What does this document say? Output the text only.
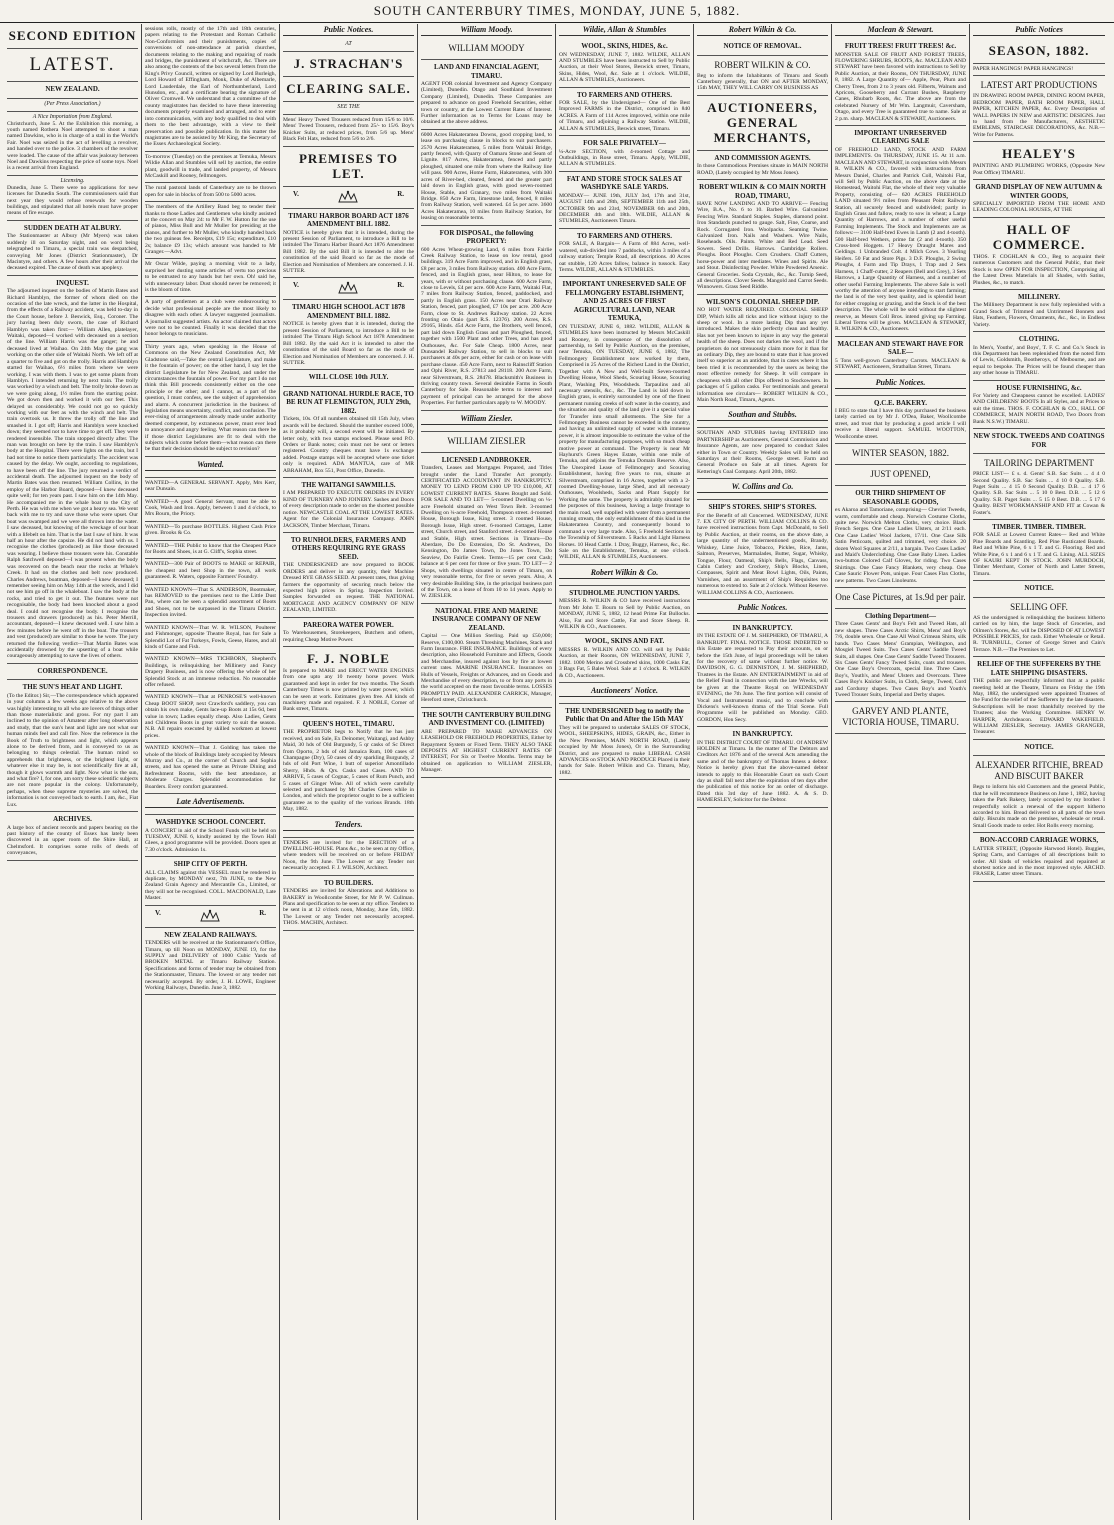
SOUTH CANTERBURY TIMES, MONDAY, JUNE 5, 1882.
SECOND EDITION
LATEST.
NEW ZEALAND.
(Per Press Association.)
A Nice Importation from England.
Christchurch, June 5. At the Exhibition this morning, a youth named Rothera Noel attempted to shoot a man named Dawkins, who is in charge of a stall in the World's Fair. Noel was seized in the act of levelling a revolver, and handed over to the police. 3 chambers of the revolver were loaded. The cause of the affair was jealousy between Noel and Dawkins respecting the price of some toys. Noel is a recent arrival from England.
Licensing.
Dunedin, June 5. There were no applications for new licenses for Dunedin South. The commissioners said that next year they would refuse renewals for wooden buildings, and stipulated that all hotels must have proper means of fire escape.
SUDDEN DEATH AT ALBURY.
The Stationmaster at Albury (Mr Myers) was taken suddenly ill on Saturday night, and on word being telegraphed to Timaru, a special train was despatched, conveying Mr Jones (District Stationmaster), Dr Macintyre, and others. A few hours after their arrival the deceased expired. The cause of death was apoplexy.
INQUEST.
The adjourned inquest on the bodies of Martin Bates and Richard Hamblyn, the former of whom died on the occasion of the late wreck, and the latter in the Hospital, from the effects of a Railway accident, was held to-day in the Court house, before J. Beswick, Esq., Coroner. The jury having been duly sworn, the case of Richard Hamblyn was taken first:— William Allen, platelayer, Waitaki, deposed—I worked with deceased on a section of the line. William Harris was the ganger; he and deceased lived at Waihao. On 24th May the gang was working on the other side of Waitaki North. We left off at a quarter to five and got on the trolly. Harris and Hamblyn started for Waihao, 6½ miles from where we were working. I was with them. I was to get some plants from Hamblyn. I intended returning by next train. The trolly was worked by a winch and belt. The trolly broke down as we were going along, 1½ miles from the starting point. We got down then and worked it with our feet. This delayed us considerably. We could not go so quickly working with our feet as with the winch and belt. The train overtook us. It threw the trolly off the line and smashed it. I got off; Harris and Hamblyn were knocked down; they seemed not to have time to get off. They were rendered insensible. The train stopped directly after. The man was brought on here by the train. I saw Hamblyn's body at the Hospital. There were lights on the train, but I had not time to notice them particularly. The accident was caused by the delay. We ought, according to regulations, to have been off the line. The jury returned a verdict of accidental death. The adjourned inquest on the body of Martin Bates was then resumed. William Collins, in the employ of the Harbor Board, deposed—I knew deceased quite well; for ten years past. I saw him on the 14th May. He accompanied me in the whale boat to the City of Perth. He was with me when we got a heavy sea. We went back with me to try and save those who were upset. Our boat was swamped and we were all thrown into the water. I saw deceased, but knowing of the wreckage of our boat with a lifebelt on him. That is the last I saw of him. It was half an hour after the capsize. He did not land with us. I recognise the clothes (produced) as like those deceased was wearing. I believe those trousers were his. Constable Ralph Satchwell deposed—I was present when the body was recovered on the beach near the rocks at Whale's Creek. It had on the clothes and belt now produced. Charles Andrews, boatman, deposed—I knew deceased; I remember seeing him on May 14th at the wreck, and I did not see him go off in the whaleboat. I saw the body at the rocks, and tried to get it out. The features were not recognisable, the body had been knocked about a good deal. I could not recognise the body. I recognise the trousers and drawers (produced) as his. Peter Merrill, accountant, deposed—I knew deceased well. I saw him a few minutes before he went off in the boat. The trousers and vest (produced) are similar to those he wore. The jury returned the following verdict—That Martin Bates was accidentally drowned by the upsetting of a boat while courageously attempting to save the lives of others.
CORRESPONDENCE.
THE SUN'S HEAT AND LIGHT.
(To the Editor.) Sir,—The correspondence which appeared in your columns a few weeks ago relative to the above was highly interesting to all who are lovers of things other than those materialistic and gross. For my part I am inclined to the opinion of Amateur after long observation and study, that the sun's heat and light are not what our human minds feel and call fire. Now the reference in the Book of Truth to brightness and light, which appears alone to be derived from, and is conveyed to us as belonging to things celestial. The human mind so apprehends that brightness, or the brightest light, or whatever else it may be, is not scientifically fire at all, though it glows warmth and light. Now what is the sun, and what fire? I, for one, am sorry these scientific subjects are not more popular in the colony. Unfortunately, perhaps, when these supreme mysteries are solved, the information is not conveyed back to earth. I am, &c., Fiat Lux.
ARCHIVES.
A large box of ancient records and papers bearing on the past history of the county of Essex has lately been discovered in an upper room of the Shire Hall, at Chelmsford. It comprises some rolls of deeds of conveyances,
sessions rolls, mostly of the 17th and 18th centuries, papers relating to the Protestant and Roman Catholic Non-Conformists and their punishments, copies of conversions of non-attendance at parish churches, documents relating to the making and repairing of roads and bridges, the punishment of witchcraft, &c. There are also among the contents of the box several letters from the King's Privy Council, written or signed by Lord Burleigh, Lord Howard of Effingham, Monk, Duke of Albemarle, Lord Lauderdale, the Earl of Northumberland, Lord Hunsdon, etc., and a certificate bearing the signature of Oliver Cromwell. We understand that a committee of the county magistrates has decided to have these interesting documents properly examined and arranged, and to enter into communication, with any body qualified to deal with them to the best advantage, with a view to their preservation and possible publication. In this matter the magistrates are to be assisted by Mr King, the Secretary of the Essex Archaeological Society.
To-morrow (Tuesday) on the premises at Temuka, Messrs Wildie Allan and Stumbles will sell by auction, the entire plant, goodwill in trade, and landed property, of Messrs McCaskill and Rooney, fellmongers.
The rural pastoral lands of Canterbury are to be thrown open for sale in blocks of from 500 to 5000 acres.
The members of the Artillery Band beg to tender their thanks to those Ladies and Gentlemen who kindly assisted at the concert on May 24: to Mr F. W. Hutton for the use of pianos, Miss Bull and Mr Muller for presiding at the pianos, and further to Mr Muller, who kindly handed back the two guineas fee. Receipts, £19 15s; expenditure, £10 2s; balance £9 13s; which amount was handed to Mr Granger.—Advt.
Mr Oscar Wilde, paying a morning visit to a lady, surprised her dusting some articles of vertu too precious to be entrusted to any hands but her own. Oh! said he, with unnecessary labor. Dust should never be removed; it is the bloom of time.
A party of gentlemen at a club were endeavouring to decide what professional people are the most likely to disagree with each other. A lawyer suggested journalists. A journalist suggested artists. An actor claimed that actors were not to be counted. Finally it was decided that the honor belongs to musicians.
Thirty years ago, when speaking in the House of Commons on the New Zealand Constitution Act, Mr Gladstone said,—Take the central Legislature, and make it the fountain of power; on the other hand, I say let the district Legislature be for New Zealand, and under the circumstances the fountain of power. For my part I do not think this Bill proceeds consistently either on the one principle or the other; and I cannot, as a part of the question, I must confess, see the subject of apprehension and alarm. A concurrent jurisdiction in the business of legislation means uncertainty, conflict, and confusion. The ever-rising of arrangements already made under authority deemed competent, by extraneous power, must ever lead to annoyance and angry feeling. What reason can there be if those district Legislatures are fit to deal with the subjects which come before them—what reason can there be that their decision should be subject to revision?
Wanted.
WANTED—A GENERAL SERVANT. Apply, Mrs Kerr, near Dunsain.
WANTED—A good General Servant, must be able to Cook, Wash and Iron. Apply, between 1 and 4 o'clock, to Mrs Bourn, the Priory.
WANTED—To purchase BOTTLES. Highest Cash Price given. Brooks & Co.
WANTED—THE Public to know that the Cheapest Place for Boots and Shoes, is at G. Cliff's, Sophia street.
WANTED—300 Pair of BOOTS to MAKE or REPAIR, the cheapest and best Shop in the town, all work guaranteed. R. Waters, opposite Farmers' Foundry.
WANTED KNOWN—That S. ANDERSON, Bootmaker, has REMOVED to the premises next to the Little Dust Pan, where can be seen a splendid assortment of Boots and Shoes, not to be surpassed in the Timaru District. Inspection invited.
WANTED KNOWN—That W. R. WILSON, Poulterer and Fishmonger, opposite Theatre Royal, has for Sale a Splendid Lot of Fat Turkeys, Fowls, Geese, Hares, and all kinds of Game and Fish.
WANTED KNOWN—MRS TICHBORN, Shepherd's Buildings, is relinquishing her Millinery and Fancy Drapery Business, and is now offering the whole of her Splendid Stock at an immense reduction. No reasonable offer refused.
WANTED KNOWN—That at PENROSE'S well-known Cheap BOOT SHOP, next Crawford's saddlery, you can obtain his own make, Gents lace-up Boots at 15s 6d, best value in town; Ladies equally cheap. Also Ladies, Gents and Childrens Boots in great variety to suit the season. N.B. All repairs executed by skilled workmen at lowest prices.
WANTED KNOWN—That J. Golding has taken the whole of the block of Buildings lately occupied by Messrs Murray and Co., at the corner of Church and Sophia streets, and has opened the same as Private Dining and Refreshment Rooms, with the best attendance, at Moderate Charges. Splendid accommodation for Boarders. Every comfort guaranteed.
Late Advertisements.
WASHDYKE SCHOOL CONCERT.
A CONCERT in aid of the School Funds will be held on TUESDAY, JUNE 6, kindly assisted by the Town Hall Glees, a good programme will be provided. Doors open at 7.30 o'clock. Admission 1s.
SHIP CITY OF PERTH.
ALL CLAIMS against this VESSEL must be rendered in duplicate, by MONDAY next, 7th JUNE, to the New Zealand Grain Agency and Mercantile Co., Limited, or they will not be recognised. COLL. MACDONALD, Late Master.
V.	R.
NEW ZEALAND RAILWAYS.
TENDERS will be received at the Stationmaster's Office, Timaru, up till Noon on MONDAY, JUNE 19, for the SUPPLY and DELIVERY of 1000 Cubic Yards of BROKEN METAL at Timaru Railway Station. Specifications and forms of tender may be obtained from the Stationmaster, Timaru. The lowest or any tender not necessarily accepted. By order, J. H. LOWE, Engineer Working Railways, Dunedin. June 3, 1882.
Public Notices.
AT
J. STRACHAN'S
CLEARING SALE.
SEE THE
Mens' Heavy Tweed Trousers reduced from 15/6 to 10/6. Mens' Tweed Trousers, reduced from 25/- to 15/6. Boy's Knicker Suits, at reduced prices, from 5/6 up. Mens' Black Felt Hats, reduced from 5/6 to 2/6.
PREMISES TO LET.
V.	R.
TIMARU HARBOR BOARD ACT 1876 AMENDMENT BILL 1882.
NOTICE is hereby given that it is intended, during the present Session of Parliament, to introduce a Bill to be intituled The Timaru Harbor Board Act 1876 Amendment Bill 1882. By the said Bill it is intended to alter the constitution of the said Board so far as the mode of Election and Nomination of Members are concerned. J. H. SUTTER.
V.	R.
TIMARU HIGH SCHOOL ACT 1878 AMENDMENT BILL 1882.
NOTICE is hereby given that it is intended, during the present Session of Parliament, to introduce a Bill to be intituled The Timaru High School Act 1878 Amendment Bill 1882. By the said Act it is intended to alter the constitution of the said Board so far as the mode of Election and Nomination of Members are concerned. J. H. SUTTER.
WILL CLOSE 10th JULY.
GRAND NATIONAL HURDLE RACE, TO BE RUN AT FLEMINGTON, JULY 29th, 1882.
Tickets, 10s. Of all numbers obtained till 15th July, when awards will be declared. Should the number exceed 1000, as it probably will, a second event will be initiated. By letter only, with two stamps enclosed. Please send P.O. Orders or Bank notes; coin must not be sent or letters registered. Country cheques must have 1s exchange added. Postage stamps will be accepted where one ticket only is required. ADA MANTUA, care of MR ABRAHAM, Box 551, Post Office, Dunedin.
THE WAITANGI SAWMILLS.
I AM PREPARED TO EXECUTE ORDERS IN EVERY KIND OF TURNERY AND JOINERY. Sashes and Doors of every description made to order on the shortest possible notice. NEWCASTLE COAL AT THE LOWEST RATES. Agent for the Colonial Insurance Company. JOHN JACKSON, Timber Merchant, Timaru.
TO RUNHOLDERS, FARMERS AND OTHERS REQUIRING RYE GRASS SEED.
THE UNDERSIGNED are now prepared to BOOK ORDERS and deliver in any quantity, their Machine Dressed RYE GRASS SEED. At present rates, thus giving farmers the opportunity of securing much below the expected high prices in Spring. Inspection Invited. Samples forwarded on request. THE NATIONAL MORTGAGE AND AGENCY COMPANY OF NEW ZEALAND, LIMITED.
PAREORA WATER POWER.
To Warehousemen, Storekeepers, Butchers and others, requiring Cheap Motive Power.
F. J. NOBLE
Is prepared to MAKE and ERECT WATER ENGINES from one upto any 10 twenty horse power. Work guaranteed and kept in order for two months. The South Canterbury Times is now printed by water power, which can be seen at work. Estimates given free. All kinds of machinery made and repaired. F. J. NOBLE, Corner of Bank street, Timaru.
QUEEN'S HOTEL, TIMARU.
THE PROPRIETOR begs to Notify that he has just received, and on Sale, Ex Deinomer, Waitangi, and Ashby Maid, 30 hds of Old Burgundy, 5 qr casks of Sc Direct from Oporto, 2 hds of old Jamaica Rum, 100 cases of Champagne (Dry), 50 cases of dry sparkling Burgundy, 2 hds of old Port Wine, 1 butt of superior Amontillado Sherry, Hhds. & Qrs. Casks and Cases. AND TO ARRIVE, 5 cases of Cognac, 5 cases of Rum Punch, and 5 cases of Ginger Wine. All of which were carefully selected and purchased by Mr Charles Green while in London, and which the proprietor ought to be a sufficient guarantee as to the quality of the various Brands. 18th May, 1882.
Tenders.
TENDERS are invited for the ERECTION of a DWELLING-HOUSE. Plans &c., to be seen at my Office, where tenders will be received on or before FRIDAY Noon, the 9th June. The Lowest or any Tender not necessarily accepted. F. J. WILSON, Architect.
TO BUILDERS.
TENDERS are invited for Alterations and Additions to BAKERY in Woollcombe Street, for Mr P. W. Cullman. Plans and specification to be seen at my office. Tenders to be sent in at 12 o'clock noon, Monday, June 5th, 1882. The Lowest or any Tender not necessarily accepted. THOS. MACHIN, Architect.
William Moody.
WILLIAM MOODY
LAND AND FINANCIAL AGENT, TIMARU.
AGENT FOR colonial Investment and Agency Company (Limited), Dunedin. Otago and Southland Investment Company (Limited), Dunedin. These Companies are prepared to advance on good Freehold Securities, either town or country, at the Lowest Current Rates of Interest. Further information as to Terms for Loans may be obtained at the above address.
6000 Acres Hakateramea Downs, good cropping land, to lease on purchasing clause in blocks to suit purchasers. 2570 Acres Hakateramea, 5 miles from Waitaki Bridge, partly fenced, with Quarry of Oamaru Stone and Seam of Lignite. 817 Acres, Hakateramea, fenced and partly ploughed, situated one mile from where the Railway line will pass. 900 Acres, Home Farm, Hakateramea, with 300 acres of River-bed, cleared, fenced and the greater part laid down in English grass, with good seven-roomed House, Stable, and Granary, two miles from Waitaki Bridge. 850 Acre Farm, limestone land, fenced, 8 miles from Railway Station, well watered. £4 5s per acre. 3600 Acres Hakateramea, 10 miles from Railway Station, for leasing on reasonable terms.
FOR DISPOSAL, the following PROPERTY:
600 Acres Wheat-growing Land, 6 miles from Fairlie Creek Railway Station, to lease on low rental, good buildings. 319 Acre Farm improved, and in English grass, £8 per acre, 3 miles from Railway station. 400 Acre Farm, fenced, and in English grass, near Hilton, to lease for years, with or without purchasing clause. 600 Acre Farm, close to Levels, £4 per acre. 600 Acre Farm, Waitaki Flat, 7 miles from Railway Station, fenced, paddocked, and partly in English grass. 150 Acres near Orari Railway Station, fenced, part ploughed, £7 10s per acre. 200 Acre Farm, close to St. Andrews Railway station. 22 Acres fronting on Otaio (part R.S. 12376). 200 Acres, R.S. 29165, Hinds. 454 Acre Farm, the Brothers, well fenced, part laid down English Grass and part Ploughed, fenced, together with 1500 Plant and other Trees, and has good Outhouses, &c. For Sale Cheap. 1800 Acres, near Dunsandel Railway Station, to sell in blocks to suit purchasers at 40s per acre, either for cash or on lease with purchase clause. 450 Acre Farm, next to Rainscliff Station and Ophi River, R.S. 27813 and 28118. 200 Acre Farm, near Silverstream, R.S. 28478. Blacksmith's Business in thriving country town. Several desirable Farms in South Canterbury for Sale. Reasonable terms to interest and payment of principal can be arranged for the above Properties. For further particulars apply to W. MOODY.
William Ziesler.
WILLIAM ZIESLER
LICENSED LANDBROKER.
Transfers, Leases and Mortgages Prepared, and Titles brought under the Land Transfer Act promptly. CERTIFICATED ACCOUNTANT IN BANKRUPTCY. MONEY TO LEND FROM £100 UP TO £10,000, AT LOWEST CURRENT RATES. Shares Bought and Sold. FOR SALE AND TO LET— 5-roomed Dwelling on ¼-acre Freehold situated on West Town Belt. 3-roomed Dwelling on ¼-acre Freehold, Thompson street. 4-roomed House, Borough Issue, King street. 3 roomed House, Borough Issue, High street. 6-roomed Cottages, Latter street, Church street, and Stanford street. 4-roomed House and Stable, High street. Sections in Timaru—Do Aberdare, Do Do Extension, Do St. Andrews, Do Kensington, Do James Town, Do Jones Town, Do Seaview, Do Fairlie Creek. Terms—15 per cent Cash; balance at 6 per cent for three or five years. TO LET— 2 Shops, with dwellings situated in centre of Timaru, on very reasonable terms, for five or seven years. Also, A very desirable Building Site, in the principal business part of the Town, on a lease of from 10 to 14 years. Apply to W. ZIESLER.
NATIONAL FIRE AND MARINE INSURANCE COMPANY OF NEW ZEALAND.
Capital — One Million Sterling. Paid up £50,000; Reserve, £100,000. Steam Threshing Machines, Stack and Farm Insurance. FIRE INSURANCE. Buildings of every description, also Household Furniture and Effects, Goods and Merchandise, insured against loss by fire at lowest current rates. MARINE INSURANCE. Insurances on Hulls of Vessels, Freights or Advances, and on Goods and Merchandise of every description, to or from any ports in the world accepted on the most favorable terms. LOSSES PROMPTLY PAID. ALEXANDER CARRICK, Manager, Hereford street, Christchurch.
THE SOUTH CANTERBURY BUILDING AND INVESTMENT CO. (LIMITED)
ARE PREPARED TO MAKE ADVANCES ON LEASEHOLD OR FREEHOLD PROPERTIES, Either by Repayment System or Fixed Term. THEY ALSO TAKE DEPOSITS AT HIGHEST CURRENT RATES OF INTEREST, For Six or Twelve Months. Terms may be obtained on application to WILLIAM ZIESLER, Manager.
Wildie, Allan & Stumbles
WOOL, SKINS, HIDES, &c.
ON WEDNESDAY, JUNE 7, 1882. WILDIE, ALLAN AND STUMBLES have been instructed to Sell by Public Auction, at their Wool Stores, Beswick street, Timaru, Skins, Hides, Wool, &c. Sale at 1 o'clock. WILDIE, ALLAN & STUMBLES, Auctioneers.
TO FARMERS AND OTHERS.
FOR SALE, by the Undersigned— One of the Best Improved FARMS in the District, comprised in 840 ACRES. A Farm of 114 Acres improved, within one mile of Timaru, and adjoining a Railway Station. WILDIE, ALLAN & STUMBLES, Beswick street, Timaru.
FOR SALE PRIVATELY—
¼-Acre SECTION, with 4-roomed Cottage and Outbuildings, in Rose street, Timaru. Apply, WILDIE, ALLAN & STUMBLES.
FAT AND STORE STOCK SALES AT WASHDYKE SALE YARDS.
MONDAY— JUNE 19th, JULY 3rd, 17th and 31st, AUGUST 14th and 28th, SEPTEMBER 11th and 25th, OCTOBER 9th and 23rd, NOVEMBER 6th and 20th, DECEMBER 4th and 18th. WILDIE, ALLAN & STUMBLES, Auctioneers Timaru.
TO FARMERS AND OTHERS.
FOR SALE, A Bargain— A Farm of 884 Acres, well-watered, sub-divided into 7 paddocks, within 3 miles of a railway station; Temple Road, all descriptions. 40 Acres oat stubble, 120 Acres fallow, balance in tussock. Easy Terms. WILDIE, ALLAN & STUMBLES.
IMPORTANT UNRESERVED SALE OF FELLMONGERY ESTABLISHMENT, AND 25 ACRES OF FIRST AGRICULTURAL LAND, NEAR TEMUKA,
ON TUESDAY, JUNE 6, 1882. WILDIE, ALLAN & STUMBLES have been instructed by Messrs McCaskill and Rooney, in consequence of the dissolution of partnership, to Sell by Public Auction, on the premises, near Temuka, ON TUESDAY, JUNE 6, 1882, The Fellmongery Establishment now worked by them, Comprised in 25 Acres of the Richest Land in the District, Together with A New and Well-built Seven-roomed Dwelling House, Wool Sheds, Scouring House, Scouring Plant, Washing Pits, Woodsheds. Tarpaulins and all necessary utensils, &c., &c. The Land is laid down in English grass, is entirely surrounded by one of the finest permanent running creeks of soft water in the country, and the situation and quality of the land give it a special value for Transfer into small allotments. The Site for a Fellmongery Business cannot be exceeded in the country, and having an unlimited supply of water with immense power, it is almost impossible to estimate the value of the property for manufacturing purposes, with so much cheap motive power at command. The Property is near Mr Hayhurst's Green Hayes Estate, within one mile of Temuka, and adjoins the Temuka Domain Reserve. Also, The Unexpired Lease of Fellmongery and Scouring Establishment, having five years to run, situate at Silverstream, comprised in 16 Acres, together with a 2-roomed Dwelling-house, large Shed, and all necessary Outhouses, Woolsheds, Sacks and Plant Supply for Working the same. The property is admirably situated for the purposes of this business, having a large frontage to the main road, well supplied with water from a permanent running stream, the only establishment of this kind in the Hakateramea Country, and consequently bound to command a very large trade. Also, 5 Freehold Sections in the Township of Silverstream. 5 Racks and Light Harness Horses. 10 Head Cattle. 1 Dray, Buggy, Harness, &c., &c. Sale on the Establishment, Temuka, at one o'clock. WILDIE, ALLAN & STUMBLES, Auctioneers.
Robert Wilkin & Co.
STUDHOLME JUNCTION YARDS.
MESSRS R. WILKIN & CO have received instructions from Mr John T. Bourn to Sell by Public Auction, on MONDAY, JUNE 5, 1882, 12 head Prime Fat Bullocks. Also, Fat and Store Cattle, Fat and Store Sheep. R. WILKIN & CO., Auctioneers.
WOOL, SKINS AND FAT.
MESSRS R. WILKIN AND CO. will sell by Public Auction, at their Rooms, ON WEDNESDAY, JUNE 7, 1882. 1000 Merino and Crossbred skins, 1000 Casks Fat, 3 Bags Fat, 5 Bales Wool. Sale at 1 o'clock. R. WILKIN & CO., Auctioneers.
Auctioneers' Notice.
THE UNDERSIGNED beg to notify the Public that On and After the 15th MAY
They will be prepared to undertake SALES OF STOCK, WOOL, SHEEPSKINS, HIDES, GRAIN, &c., Either in the New Premises, MAIN NORTH ROAD, (Lately occupied by Mr Moss Jones), Or in the Surrounding District, and are prepared to make LIBERAL CASH ADVANCES on STOCK AND PRODUCE Placed in their hands for Sale. Robert Wilkin and Co. Timaru, May, 1882.
Robert Wilkin & Co.
NOTICE OF REMOVAL.
ROBERT WILKIN & CO.
Beg to inform the Inhabitants of Timaru and South Canterbury generally, that ON and AFTER MONDAY, 15th MAY, THEY WILL CARRY ON BUSINESS AS
AUCTIONEERS, GENERAL MERCHANTS,
AND COMMISSION AGENTS.
In those Commodious Premises situate in MAIN NORTH ROAD, (Lately occupied by Mr Moss Jones).
ROBERT WILKIN & CO MAIN NORTH ROAD, TIMARU,
HAVE NOW LANDING AND TO ARRIVE— Fencing Wire, B.A., No. 6 to 10. Barbed Wire. Galvanized Fencing Wire. Standard Staples. Staples, diamond point. Iron Standards punched to gauge. Salt, Fine, Coarse, and Rock. Corrugated Iron. Woolpacks. Seaming Twine. Galvanized Iron. Nails and Washers. Wire Nails, Roseheads. Oils. Paints. White and Red Lead. Seed Sowers. Seed Drills. Harrows. Cambridge Rollers. Ploughs. Boot Ploughs. Corn Crushers. Chaff Cutters, horse-power and inter mediates. Wines and Spirits. Ale and Stout. Disinfecting Powder. White Powdered Arsenic. General Groceries. Soda Crystals, &c., &c. Turnip Seed, all descriptions. Clover Seeds. Mangold and Carrot Seeds. Winnowers. Grass Seed Riddle.
WILSON'S COLONIAL SHEEP DIP.
NO HOT WATER REQUIRED. COLONIAL SHEEP DIP, Which kills all ticks and lice without injury to the sheep or wool. In a more lasting Dip than any yet introduced. Makes the skin perfectly clean and healthy. Has not yet been known to injure in any way the general health of the sheep. Does not darken the wool, and if the proprietors do not strenuously claim more for it than for an ordinary Dip, they are bound to state that it has proved itself so superior as an antidote, that in cases where it has been tried it is recommended by the users as being the most effective remedy for Sheep. It will compare in cheapness with all other Dips offered to Stockowners. In packages of 5 gallon casks. For testimonials and general information see circulars— ROBERT WILKIN & CO., Main North Road, Timaru, Agents.
Southan and Stubbs.
SOUTHAN AND STUBBS having ENTERED into PARTNERSHIP as Auctioneers, General Commission and Insurance Agents, are now prepared to conduct Sales either in Town or Country. Weekly Sales will be held on Saturdays at their Rooms, George street. Farm and General Produce on Sale at all times. Agents for Kettering's Coal Company. April 20th, 1882.
W. Collins and Co.
SHIP'S STORES. SHIP'S STORES.
For the Benefit of all Concerned. WEDNESDAY, JUNE 7. EX CITY OF PERTH. WILLIAM COLLINS & CO. have received instructions from Capt. McDonald, to Sell by Public Auction, at their rooms, on the above date, a large quantity of the undermentioned goods, Brandy, Whiskey, Lime Juice, Tobacco, Pickles, Rice, Jams, Salmon, Preserves, Marmalades, Butter, Sugar, Whisky, Tongue, Flour, Oatmeal, Ship's Bells, Flags, Canvass, Cabin Cutlery and Crockery, Ship's Blocks, Linen, Compasses, Spirit and Meat Bowl Lights, Oils, Paints, Varnishes, and an assortment of Ship's Requisites too numerous to extend to. Sale at 2 o'clock. Without Reserve. WILLIAM COLLINS & CO., Auctioneers.
Public Notices.
IN BANKRUPTCY.
IN THE ESTATE OF J. M. SHEPHERD, OF TIMARU, A BANKRUPT. FINAL NOTICE. THOSE INDEBTED to this Estate are requested to Pay their accounts, on or before the 15th June, of legal proceedings will be taken for the recovery of same without further notice. W. DAVIDSON, G. G. DENNISTON, J. M. SHEPHERD, Trustees in the Estate. AN ENTERTAINMENT in aid of the Relief Fund in connection with the late Wrecks, will be given at the Theatre Royal on WEDNESDAY EVENING, the 7th June. The first portion will consist of Vocal and Instrumental music, and to conclude with Dickens's well-known drama of the Trial Scene. Full Programme will be published on Monday. GEO. GORDON, Hon Secy.
IN BANKRUPTCY.
IN THE DISTRICT COURT OF TIMARU. Of ANDREW HOLDEN at Timaru. In the matter of The Debtors and Creditors Act 1876 and of the several Acts amending the same and of the bankruptcy of Thomas Inness a debtor. Notice is hereby given that the above-named debtor intends to apply to this Honorable Court on such Court day as shall fall next after the expiration of ten days after the publication of this notice for an order of discharge. Dated this 3rd day of June 1882. A. & S. D. HAMERSLEY, Solicitor for the Debtor.
Maclean & Stewart.
FRUIT TREES! FRUIT TREES! &c.
MONSTER SALE OF FRUIT AND FOREST TREES, FLOWERING SHRUBS, ROOTS, &c. MACLEAN AND STEWART have been favored with instructions to Sell by Public Auction, at their Rooms, ON THURSDAY, JUNE 8, 1882. A Large Quantity of— Apple, Pear, Plum and Cherry Trees, from 2 to 3 years old. Filberts, Walnuts and Apricots, Gooseberry and Currant Bushes, Raspberry Canes, Rhubarb Roots, &c. The above are from the celebrated Nursery of Mr Wm. Langmuir, Caversham, Otago, and every Tree is guaranteed true to name. Sale at 2 p.m. sharp. MACLEAN & STEWART, Auctioneers.
IMPORTANT UNRESERVED CLEARING SALE
OF FREEHOLD LAND, STOCK AND FARM IMPLEMENTS. On THURSDAY, JUNE 15. At 11 a.m. MACLEAN AND STEWART, in conjunction with Messrs R. WILKIN & CO., favored with instructions from Messrs Daniel, Charles and Patrick Coll, Waitohi Flat, will Sell by Public Auction, on the above date at the Homestead, Waitohi Flat, the whole of their very valuable Property, consisting of— 620 ACRES FREEHOLD LAND situated 9½ miles from Pleasant Point Railway Station, all securely fenced and subdivided; partly in English Grass and fallow, ready to sow in wheat; a Large Quantity of Harrows, and a number of other useful Farming Implements. The Stock and Implements are as follows:— 3100 Half-bred Ewes in Lamb (2 and 4-tooth). 500 Half-bred Wethers, prime fat (2 and 4-tooth). 350 Cross-bred Hoggets. 17 Heavy Draught Mares and Geldings. 1 Unbranded Colt. 4 Milch Cows. 3 Yearling Heifers. 50 Fat and Store Pigs. 3 D.F. Ploughs, 2 Swing Ploughs, 4 Farm and Tip Drays, 1 Trap and 2 Sets Harness, 1 Chaff-cutter, 2 Reapers (Bell and Grey), 3 Sets Harrows, a Large Quantity of Harness, and a number of other useful Farming Implements. The above Sale is well worthy the attention of anyone intending to start farming; the land is of the very best quality, and is splendid heart for either cropping or grazing, and the Stock is of the best description. The whole will be sold without the slightest reserve, as Messrs Coll Bros. intend giving up Farming. Liberal Terms will be given. MACLEAN & STEWART, R. WILKIN & CO., Auctioneers.
MACLEAN AND STEWART HAVE FOR SALE—
5 Tons well-grown Canterbury Carrots. MACLEAN & STEWART, Auctioneers, Strathallan Street, Timaru.
Public Notices.
Q.C.E. BAKERY.
I BEG to state that I have this day purchased the business lately carried on by Mr J. O'Dea, Baker, Woollcombe street, and trust that by producing a good article I will receive a liberal support. SAMUEL WOOTTON, Woollcombe street.
WINTER SEASON, 1882.
JUST OPENED,
OUR THIRD SHIPMENT OF SEASONABLE GOODS,
ex Akaroa and Tamoriane, comprising— Cheviot Tweeds, warm, comfortable and cheap. Norwich Costume Cloths, quite new. Norwich Melton Cloths, very choice. Black French Serges. One Case Ladies Ulsters, at 2/11 each. One Case Ladies' Wool Jackets, 17/11. One Case Silk Satin Petticoats, quilted and trimmed, very choice. 20 dozen Wool Squares at 2/11, a bargain. Two Cases Ladies' and Maid's Underclothing. One Case Baby Linen. Ladies two-button Colored Calf Gloves, for riding. Two Cases Shirtings. One Case Fancy Blankets, very cheap. One Case Sauric Flower Pots, unique. Four Cases Flax Cloths, new patterns. Two Cases Linoleums.
One Case Pictures, at 1s.9d per pair.
Clothing Department—
Three Cases Gents' and Boy's Felt and Tweed Hats, all new shapes. Three Cases Arctic Shirts, Mens' and Boy's 7/6, double sewn. One Case All Wool Crimean Shirts, silk bands. Two Cases Mens' Grampian, Wellington, and Mosgiel Tweed Suits. Two Cases Gents' Saddle Tweed Suits, all shapes. One Case Gents' Saddle Tweed Trousers. Six Cases Gents' Fancy Tweed Suits, coats and trousers. One Case Boy's Overcoats, special line. Three Cases Boy's, Youth's, and Mens' Ulsters and Overcoats. Three Cases Boy's Knicker Suits, in Cloth, Serge, Tweed, Cord and Corduroy shapes. Two Cases Boy's and Youth's Tweed Trouser Suits, Imperial and Derby shapes.
GARVEY AND PLANTE, VICTORIA HOUSE, TIMARU.
Public Notices
SEASON, 1882.
PAPER HANGINGS! PAPER HANGINGS!
LATEST ART PRODUCTIONS
IN DRAWING ROOM PAPER, DINING ROOM PAPER, BEDROOM PAPER, BATH ROOM PAPER, HALL PAPER, KITCHEN PAPER, &c. Every Description of WALL PAPERS IN NEW and ARTISTIC DESIGNS. Just to hand from the Manufacturers, AESTHETIC EMBLEMS, STAIRCASE DECORATIONS, &c. N.B.—Write for Patterns.
HEALEY'S
PAINTING AND PLUMBING WORKS, (Opposite New Post Office) TIMARU.
GRAND DISPLAY OF NEW AUTUMN & WINTER GOODS,
SPECIALLY IMPORTED FROM THE HOME AND LEADING COLONIAL HOUSES, AT THE
HALL OF COMMERCE.
THOS. F. COGHLAN & CO., Beg to acquaint their numerous Customers and the General Public, that their Stock is now OPEN FOR INSPECTION, Comprising all the Latest Dress Materials in all Shades, with Satins, Plushes, &c., to match.
MILLINERY.
The Millinery Department is now fully replenished with a Grand Stock of Trimmed and Untrimmed Bonnets and Hats, Feathers, Flowers, Ornaments, &c., &c., in Endless Variety.
CLOTHING.
In Men's, Youths', and Boys', T. F. C. and Co.'s Stock in this Department has been replenished from the noted firm of Lewis, Goldsmith, Bootheroys, of Melbourne, and are equal to bespoke. The Prices will be found cheaper than any other house in TIMARU.
HOUSE FURNISHING, &c.
For Variety and Cheapness cannot be excelled. LADIES' AND CHILDRENS' BOOTS In all Styles, and at Prices to suit the times. THOS. F. COGHLAN & CO., HALL OF COMMERCE, MAIN NORTH ROAD, Two Doors from Bank N.S.W.) TIMARU.
NEW STOCK. TWEEDS AND COATINGS FOR
TAILORING DEPARTMENT
PRICE LIST— £ s. d. Gents' S.B. Sac Suits ... 4 4 0 Second Quality. S.B. Sac Suits ... 4 10 0 Quality. S.B. Paget Suits ... 4 15 0 Second Quality. D.B. ... 4 17 6 Quality. S.B. Sac Suits ... 5 10 0 Best. D.B. ... 5 12 6 Quality. S.B. Paget Suits ... 5 15 0 Best. D.B. ... 5 17 6 Quality. BEST WORKMANSHIP AND FIT at Cowan & Foster's.
TIMBER. TIMBER. TIMBER.
FOR SALE at Lowest Current Rates— Red and White Pine Boards and Scantling. Red Pine Rusticated Boards. Red and White Pine, 6 x 1 T. and G. Flooring. Red and White Pine, 6 x 1 and 6 x 1 T. and G. Lining. ALL SIZES OF KAURI KEPT IN STOCK. JOHN MURDOCH, Timber Merchant, Corner of North and Latter Streets, Timaru.
NOTICE.
SELLING OFF.
AS the undersigned is relinquishing the business hitherto carried on by him, the large Stock of Groceries, and Oilmen's Stores, &c. will be DISPOSED OF AT LOWEST POSSIBLE PRICES, for cash. Either Wholesale or Retail. R. TURNBULL, Corner of George Street and Cain's Terrace. N.B.—The Premises to Let.
RELIEF OF THE SUFFERERS BY THE LATE SHIPPING DISASTERS.
THE public are respectfully informed that at a public meeting held at the Theatre, Timaru on Friday the 19th May, 1882, the undersigned were appointed Trustees of the Fund for the relief of the Sufferers by the late disasters. Subscriptions will be most thankfully received by the Trustees; also the Working Committee. HENRY W. HARPER, Archdeacon. EDWARD WAKEFIELD. WILLIAM ZIESLER, Secretary. JAMES GRANGER, Treasurer.
NOTICE.
ALEXANDER RITCHIE, BREAD AND BISCUIT BAKER
Begs to inform his old Customers and the general Public, that he will recommence Business on June 1, 1882, having taken the Park Bakery, lately occupied by my brother. I respectfully solicit a renewal of the support hitherto accorded to him. Bread delivered to all parts of the town daily. Biscuits made on the premises, wholesale or retail. Small Goods made to order. Hot Rolls every morning.
BON-ACCORD CARRIAGE WORKS,
LATTER STREET, (Opposite Harwood Hotel). Buggies, Spring Carts, and Carriages of all descriptions built to order. All kinds of vehicles repaired and repainted at shortest notice and in the most improved style. ARCHD. FRASER, Latter street Timaru.
